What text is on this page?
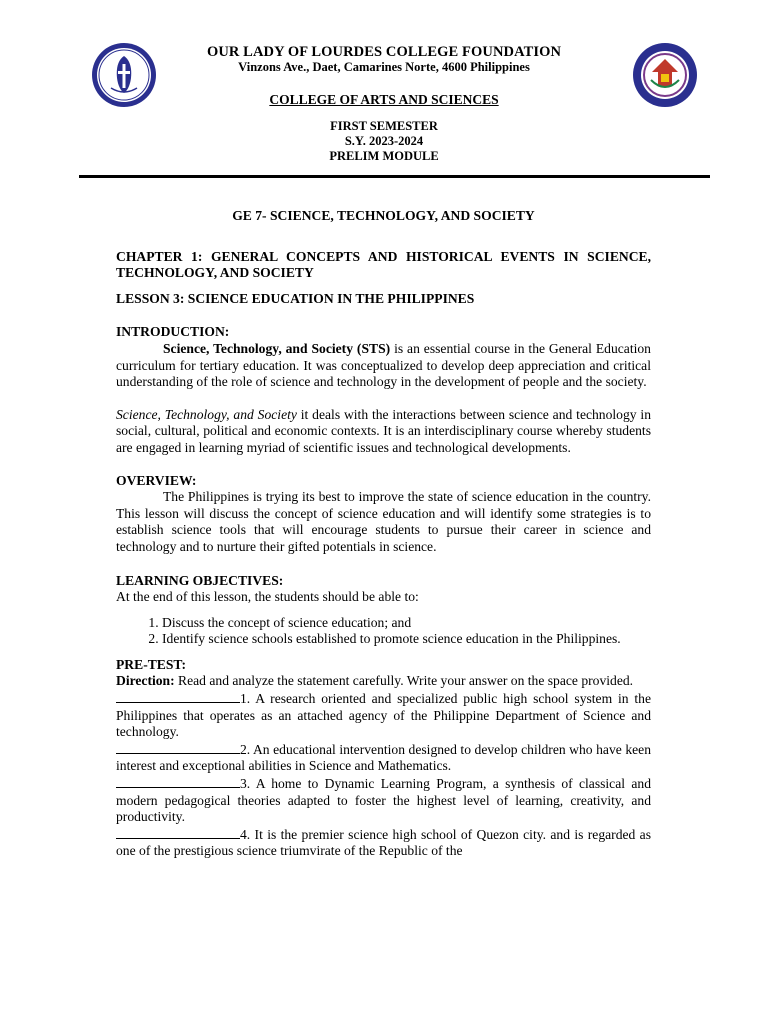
OUR LADY OF LOURDES COLLEGE FOUNDATION
Vinzons Ave., Daet, Camarines Norte, 4600 Philippines
COLLEGE OF ARTS AND SCIENCES
FIRST SEMESTER
S.Y. 2023-2024
PRELIM MODULE

GE 7- SCIENCE, TECHNOLOGY, AND SOCIETY

CHAPTER 1: GENERAL CONCEPTS AND HISTORICAL EVENTS IN SCIENCE, TECHNOLOGY, AND SOCIETY

LESSON 3: SCIENCE EDUCATION IN THE PHILIPPINES

INTRODUCTION:

Science, Technology, and Society (STS) is an essential course in the General Education curriculum for tertiary education. It was conceptualized to develop deep appreciation and critical understanding of the role of science and technology in the development of people and the society.

Science, Technology, and Society it deals with the interactions between science and technology in social, cultural, political and economic contexts. It is an interdisciplinary course whereby students are engaged in learning myriad of scientific issues and technological developments.

OVERVIEW:

The Philippines is trying its best to improve the state of science education in the country. This lesson will discuss the concept of science education and will identify some strategies is to establish science tools that will encourage students to pursue their career in science and technology and to nurture their gifted potentials in science.

LEARNING OBJECTIVES:

At the end of this lesson, the students should be able to:

1. Discuss the concept of science education; and
2. Identify science schools established to promote science education in the Philippines.

PRE-TEST:

Direction: Read and analyze the statement carefully. Write your answer on the space provided.

1. A research oriented and specialized public high school system in the Philippines that operates as an attached agency of the Philippine Department of Science and technology.

2. An educational intervention designed to develop children who have keen interest and exceptional abilities in Science and Mathematics.

3. A home to Dynamic Learning Program, a synthesis of classical and modern pedagogical theories adapted to foster the highest level of learning, creativity, and productivity.

4. It is the premier science high school of Quezon city. and is regarded as one of the prestigious science triumvirate of the Republic of the
